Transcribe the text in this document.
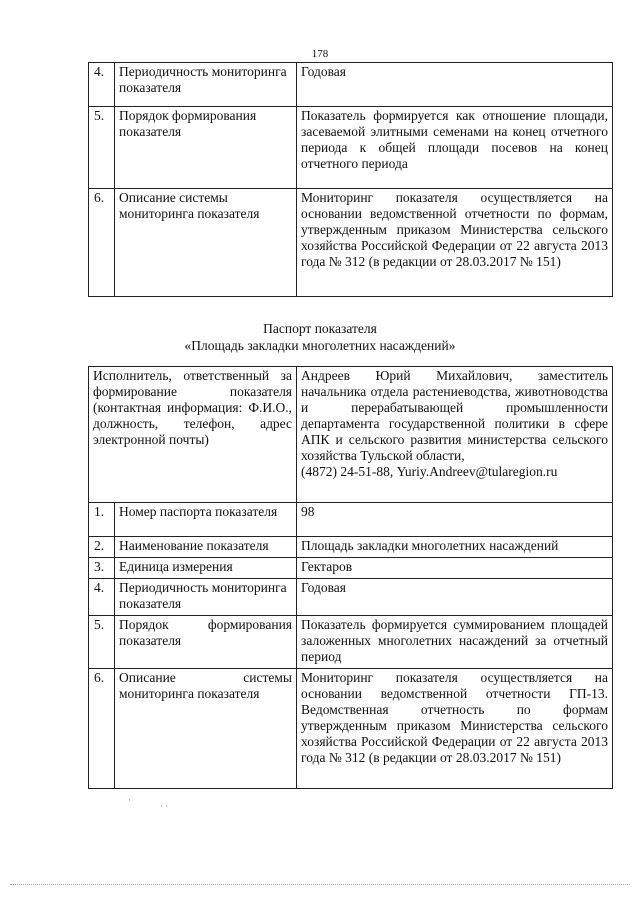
178
4.	Периодичность мониторинга показателя	Годовая
5.	Порядок формирования показателя	Показатель формируется как отношение площади, засеваемой элитными семенами на конец отчетного периода к общей площади посевов на конец отчетного периода
6.	Описание системы мониторинга показателя	Мониторинг показателя осуществляется на основании ведомственной отчетности по формам, утвержденным приказом Министерства сельского хозяйства Российской Федерации от 22 августа 2013 года № 312 (в редакции от 28.03.2017 № 151)
Паспорт показателя
«Площадь закладки многолетних насаждений»
Исполнитель, ответственный за формирование показателя (контактная информация: Ф.И.О., должность, телефон, адрес электронной почты)		Андреев Юрий Михайлович, заместитель начальника отдела растениеводства, животноводства и перерабатывающей промышленности департамента государственной политики в сфере АПК и сельского развития министерства сельского хозяйства Тульской области,
(4872) 24-51-88, Yuriy.Andreev@tularegion.ru
1.	Номер паспорта показателя	98
2.	Наименование показателя	Площадь закладки многолетних насаждений
3.	Единица измерения	Гектаров
4.	Периодичность мониторинга показателя	Годовая
5.	Порядок формирования показателя	Показатель формируется суммированием площадей заложенных многолетних насаждений за отчетный период
6.	Описание системы мониторинга показателя	Мониторинг показателя осуществляется на основании ведомственной отчетности ГП-13. Ведомственная отчетность по формам утвержденным приказом Министерства сельского хозяйства Российской Федерации от 22 августа 2013 года № 312 (в редакции от 28.03.2017 № 151)
·
· ·
